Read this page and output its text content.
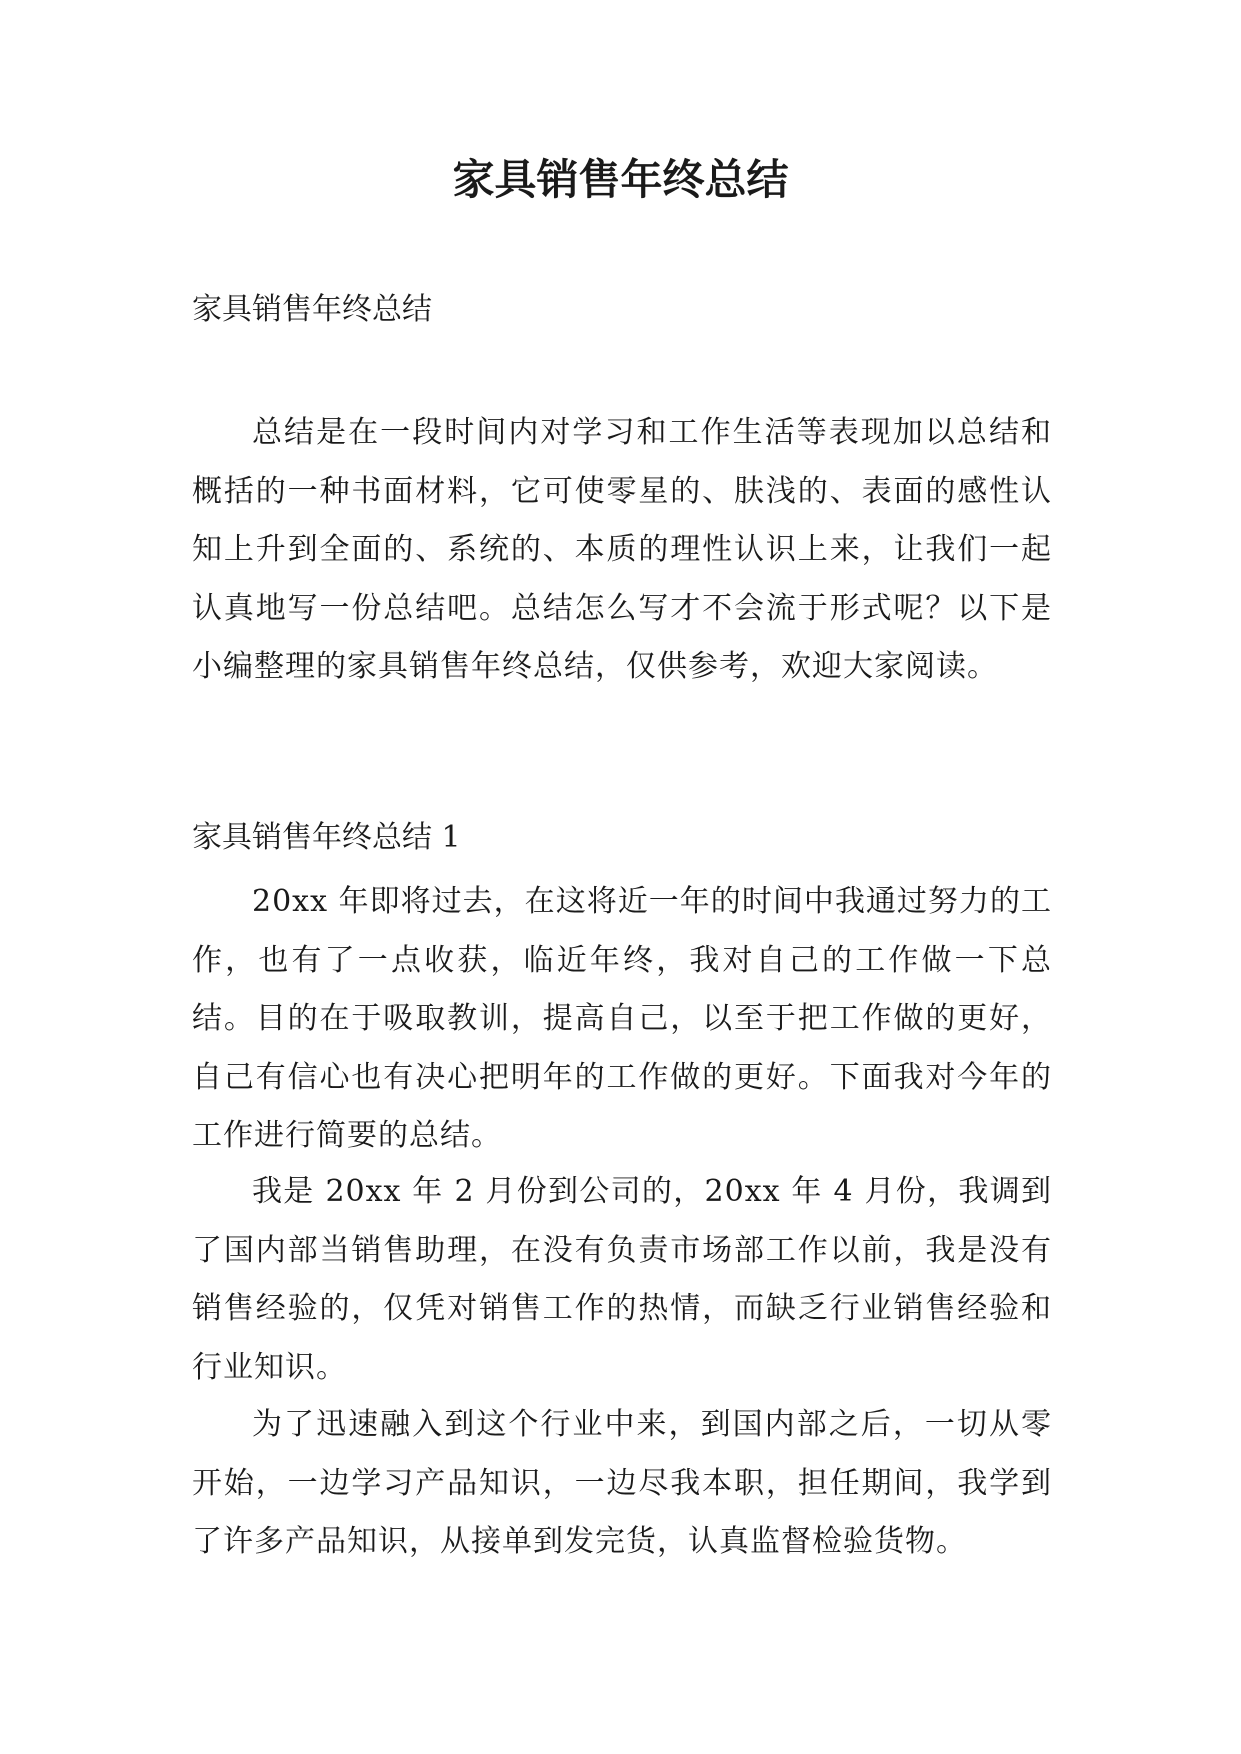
家具销售年终总结

家具销售年终总结

总结是在一段时间内对学习和工作生活等表现加以总结和概括的一种书面材料，它可使零星的、肤浅的、表面的感性认知上升到全面的、系统的、本质的理性认识上来，让我们一起认真地写一份总结吧。总结怎么写才不会流于形式呢？以下是小编整理的家具销售年终总结，仅供参考，欢迎大家阅读。

家具销售年终总结 1

20xx 年即将过去，在这将近一年的时间中我通过努力的工作，也有了一点收获，临近年终，我对自己的工作做一下总结。目的在于吸取教训，提高自己，以至于把工作做的更好，自己有信心也有决心把明年的工作做的更好。下面我对今年的工作进行简要的总结。

我是 20xx 年 2 月份到公司的，20xx 年 4 月份，我调到了国内部当销售助理，在没有负责市场部工作以前，我是没有销售经验的，仅凭对销售工作的热情，而缺乏行业销售经验和行业知识。

为了迅速融入到这个行业中来，到国内部之后，一切从零开始，一边学习产品知识，一边尽我本职，担任期间，我学到了许多产品知识，从接单到发完货，认真监督检验货物。
